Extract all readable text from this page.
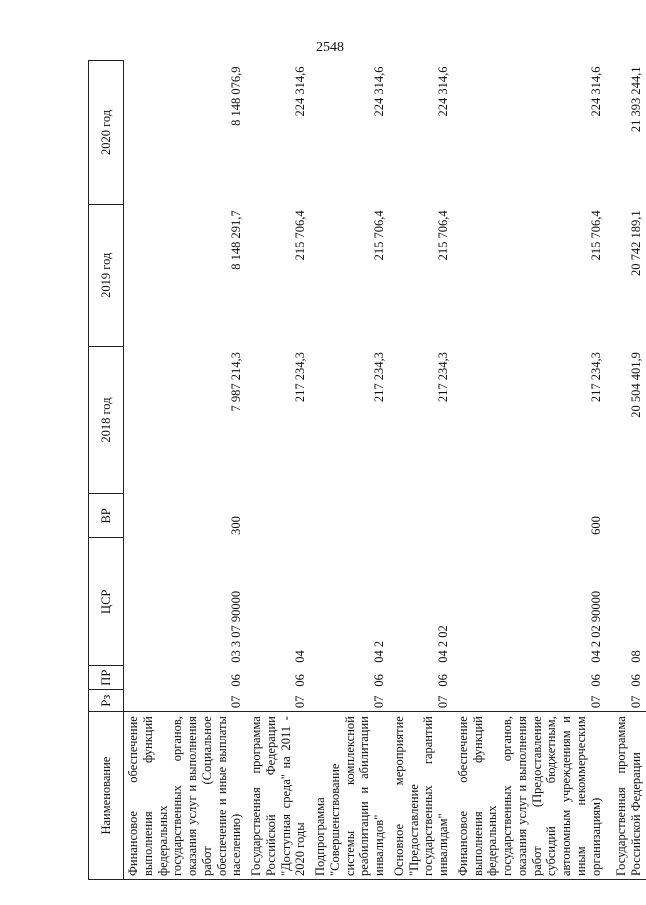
2548
Наименование	Рз	ПР	ЦСР	ВР	2018 год	2019 год	2020 год
Финансовое обеспечение выполнения функций федеральных государственных органов, оказания услуг и выполнения работ (Социальное обеспечение и иные выплаты населению)	07	06	03 3 07 90000	300	7 987 214,3	8 148 291,7	8 148 076,9
Государственная программа Российской Федерации "Доступная среда" на 2011 - 2020 годы	07	06	04		217 234,3	215 706,4	224 314,6
Подпрограмма "Совершенствование системы комплексной реабилитации и абилитации инвалидов"	07	06	04 2		217 234,3	215 706,4	224 314,6
Основное мероприятие "Предоставление государственных гарантий инвалидам"	07	06	04 2 02		217 234,3	215 706,4	224 314,6
Финансовое обеспечение выполнения функций федеральных государственных органов, оказания услуг и выполнения работ (Предоставление субсидий бюджетным, автономным учреждениям и иным некоммерческим организациям)	07	06	04 2 02 90000	600	217 234,3	215 706,4	224 314,6
Государственная программа Российской Федерации	07	06	08		20 504 401,9	20 742 189,1	21 393 244,1
